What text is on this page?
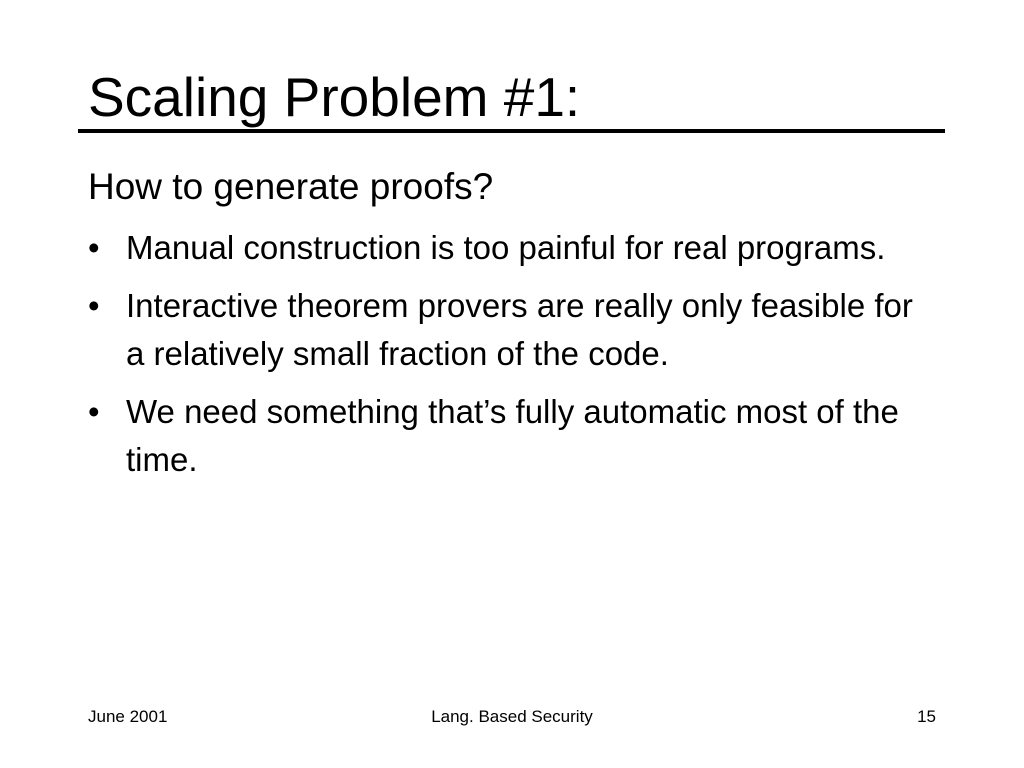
Scaling Problem #1:
How to generate proofs?
• Manual construction is too painful for real programs.
• Interactive theorem provers are really only feasible for a relatively small fraction of the code.
• We need something that’s fully automatic most of the time.
June 2001	Lang. Based Security	15
